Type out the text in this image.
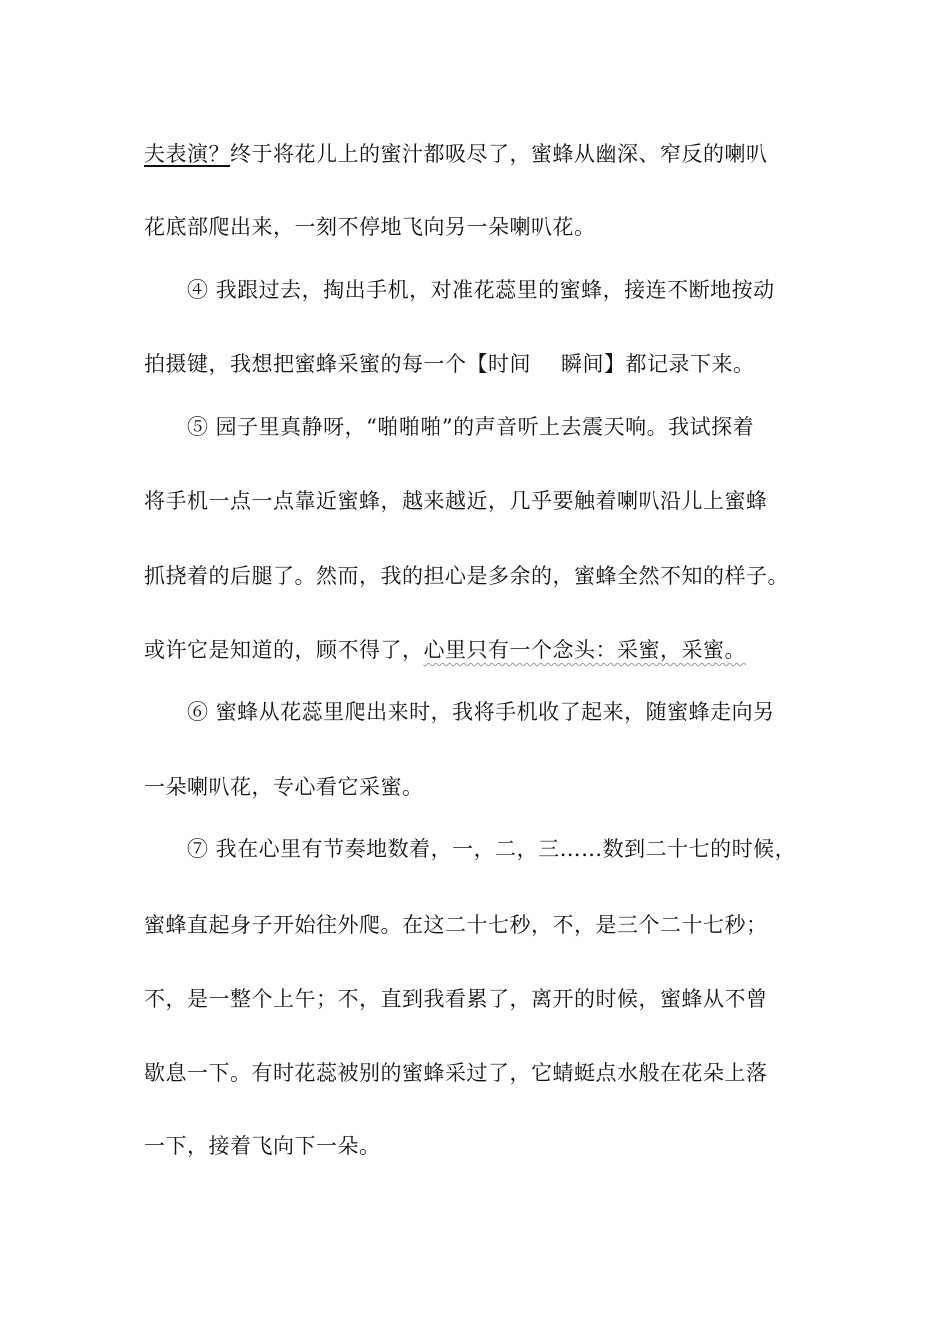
夫表演？终于将花儿上的蜜汁都吸尽了，蜜蜂从幽深、窄反的喇叭
花底部爬出来，一刻不停地飞向另一朵喇叭花。
④ 我跟过去，掏出手机，对准花蕊里的蜜蜂，接连不断地按动
拍摄键，我想把蜜蜂采蜜的每一个【时间 瞬间】都记录下来。
⑤ 园子里真静呀，“啪啪啪”的声音听上去震天响。我试探着
将手机一点一点靠近蜜蜂，越来越近，几乎要触着喇叭沿儿上蜜蜂
抓挠着的后腿了。然而，我的担心是多余的，蜜蜂全然不知的样子。
或许它是知道的，顾不得了，心里只有一个念头：采蜜，采蜜。
⑥ 蜜蜂从花蕊里爬出来时，我将手机收了起来，随蜜蜂走向另
一朵喇叭花，专心看它采蜜。
⑦ 我在心里有节奏地数着，一，二，三……数到二十七的时候，
蜜蜂直起身子开始往外爬。在这二十七秒，不，是三个二十七秒；
不，是一整个上午；不，直到我看累了，离开的时候，蜜蜂从不曾
歇息一下。有时花蕊被别的蜜蜂采过了，它蜻蜓点水般在花朵上落
一下，接着飞向下一朵。
